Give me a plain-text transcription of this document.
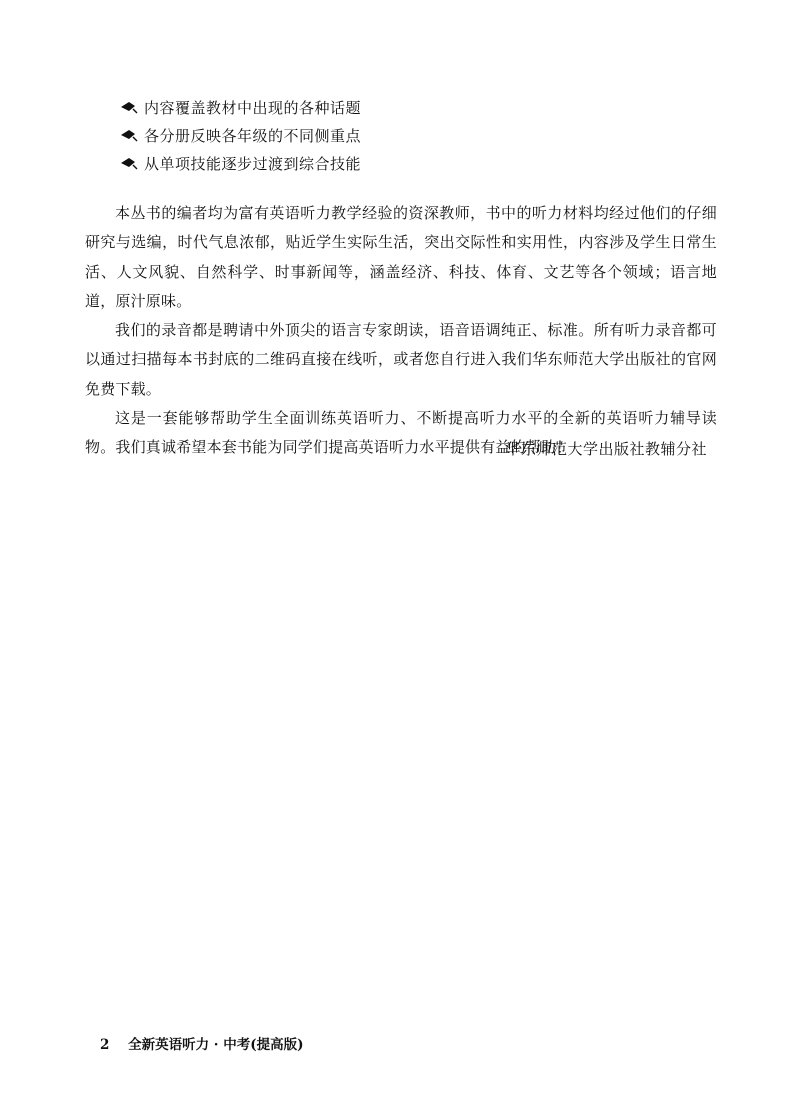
内容覆盖教材中出现的各种话题
各分册反映各年级的不同侧重点
从单项技能逐步过渡到综合技能

本丛书的编者均为富有英语听力教学经验的资深教师，书中的听力材料均经过他们的仔细研究与选编，时代气息浓郁，贴近学生实际生活，突出交际性和实用性，内容涉及学生日常生活、人文风貌、自然科学、时事新闻等，涵盖经济、科技、体育、文艺等各个领域；语言地道，原汁原味。

我们的录音都是聘请中外顶尖的语言专家朗读，语音语调纯正、标准。所有听力录音都可以通过扫描每本书封底的二维码直接在线听，或者您自行进入我们华东师范大学出版社的官网免费下载。

这是一套能够帮助学生全面训练英语听力、不断提高听力水平的全新的英语听力辅导读物。我们真诚希望本套书能为同学们提高英语听力水平提供有益的帮助！

华东师范大学出版社教辅分社
2 全新英语听力 · 中考(提高版)
